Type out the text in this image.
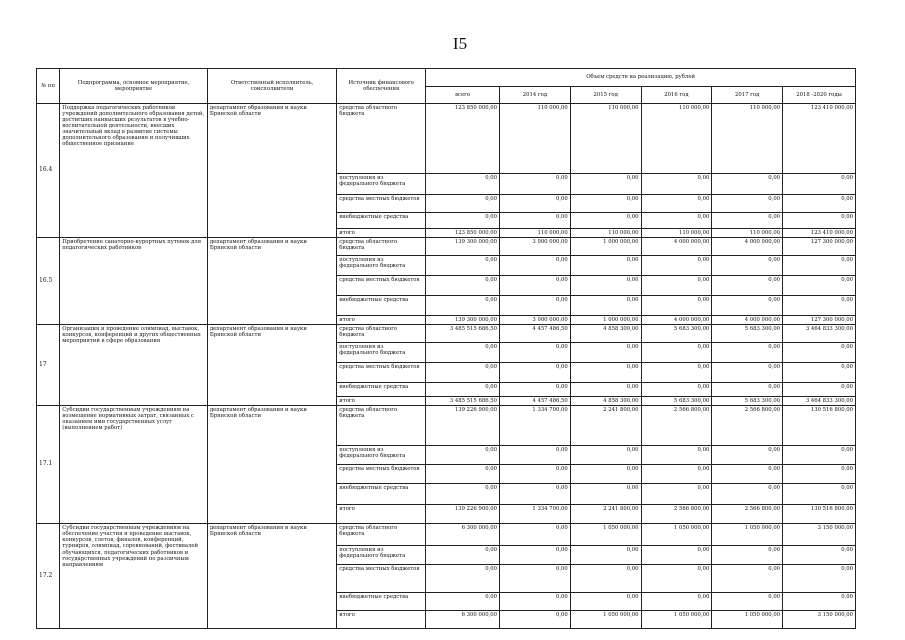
I5
№ пп	Подпрограмма, основное мероприятие, мероприятие	Ответственный исполнитель, соисполнители	Источник финансового обеспечения	Объем средств на реализацию, рублей					
				всего	2014 год	2015 год	2016 год	2017 год	2018 -2020 годы
16.4	Поддержка педагогических работников учреждений дополнительного образования детей, достигших наивысших результатов в учебно-воспитательной деятельности, внесших значительный вклад в развитие системы дополнительного образования и получивших общественное признание	департамент образования и науки Брянской области	средства областного бюджета	123 850 000,00	110 000,00	110 000,00	110 000,00	110 000,00	123 410 000,00
			поступления из федерального бюджета	0,00	0,00	0,00	0,00	0,00	0,00
			средства местных бюджетов	0,00	0,00	0,00	0,00	0,00	0,00
			внебюджетные средства	0,00	0,00	0,00	0,00	0,00	0,00
			итого	123 850 000,00	110 000,00	110 000,00	110 000,00	110 000,00	123 410 000,00
16.5	Приобретение санаторно-курортных путевок для педагогических работников	департамент образования и науки Брянской области	средства областного бюджета	139 300 000,00	3 000 000,00	1 000 000,00	4 000 000,00	4 000 000,00	127 300 000,00
			поступления из федерального бюджета	0,00	0,00	0,00	0,00	0,00	0,00
			средства местных бюджетов	0,00	0,00	0,00	0,00	0,00	0,00
			внебюджетные средства	0,00	0,00	0,00	0,00	0,00	0,00
			итого	139 300 000,00	3 000 000,00	1 000 000,00	4 000 000,00	4 000 000,00	127 300 000,00
17	Организация и проведение олимпиад, выставок, конкурсов, конференций и других общественных мероприятий в сфере образования	департамент образования и науки Брянской области	средства областного бюджета	3 485 515 686,50	4 457 486,50	4 858 300,00	5 683 300,00	5 683 300,00	3 464 833 300,00
			поступления из федерального бюджета	0,00	0,00	0,00	0,00	0,00	0,00
			средства местных бюджетов	0,00	0,00	0,00	0,00	0,00	0,00
			внебюджетные средства	0,00	0,00	0,00	0,00	0,00	0,00
			итого	3 485 515 686,50	4 457 486,50	4 858 300,00	5 683 300,00	5 683 300,00	3 464 833 300,00
17.1	Субсидии государственным учреждениям на возмещение нормативных затрат, связанных с оказанием ими государственных услуг (выполнением работ)	департамент образования и науки Брянской области	средства областного бюджета	139 226 900,00	1 334 700,00	2 241 800,00	2 566 800,00	2 566 800,00	130 516 800,00
			поступления из федерального бюджета	0,00	0,00	0,00	0,00	0,00	0,00
			средства местных бюджетов	0,00	0,00	0,00	0,00	0,00	0,00
			внебюджетные средства	0,00	0,00	0,00	0,00	0,00	0,00
			итого	139 226 900,00	1 334 700,00	2 241 800,00	2 566 800,00	2 566 800,00	130 516 800,00
17.2	Субсидии государственным учреждениям на обеспечение участия и проведение выставок, конкурсов, слетов, финалов, конференций, турниров, олимпиад, соревнований, фестивалей обучающихся, педагогических работников и государственных учреждений по различным направлениям	департамент образования и науки Брянской области	средства областного бюджета	6 300 000,00	0,00	1 050 000,00	1 050 000,00	1 050 000,00	3 150 000,00
			поступления из федерального бюджета	0,00	0,00	0,00	0,00	0,00	0,00
			средства местных бюджетов	0,00	0,00	0,00	0,00	0,00	0,00
			внебюджетные средства	0,00	0,00	0,00	0,00	0,00	0,00
			итого	6 300 000,00	0,00	1 050 000,00	1 050 000,00	1 050 000,00	3 150 000,00
